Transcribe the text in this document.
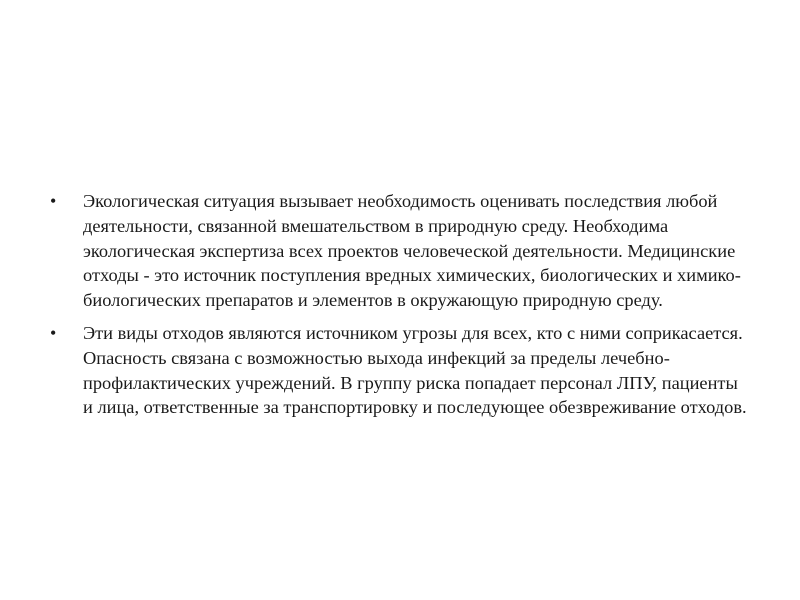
•	Экологическая ситуация вызывает необходимость оценивать последствия любой деятельности, связанной вмешательством в природную среду. Необходима экологическая экспертиза всех проектов человеческой деятельности. Медицинские отходы - это источник поступления вредных химических, биологических и химико-биологических препаратов и элементов в окружающую природную среду.
•	Эти виды отходов являются источником угрозы для всех, кто с ними соприкасается. Опасность связана с возможностью выхода инфекций за пределы лечебно-профилактических учреждений. В группу риска попадает персонал ЛПУ, пациенты и лица, ответственные за транспортировку и последующее обезвреживание отходов.
